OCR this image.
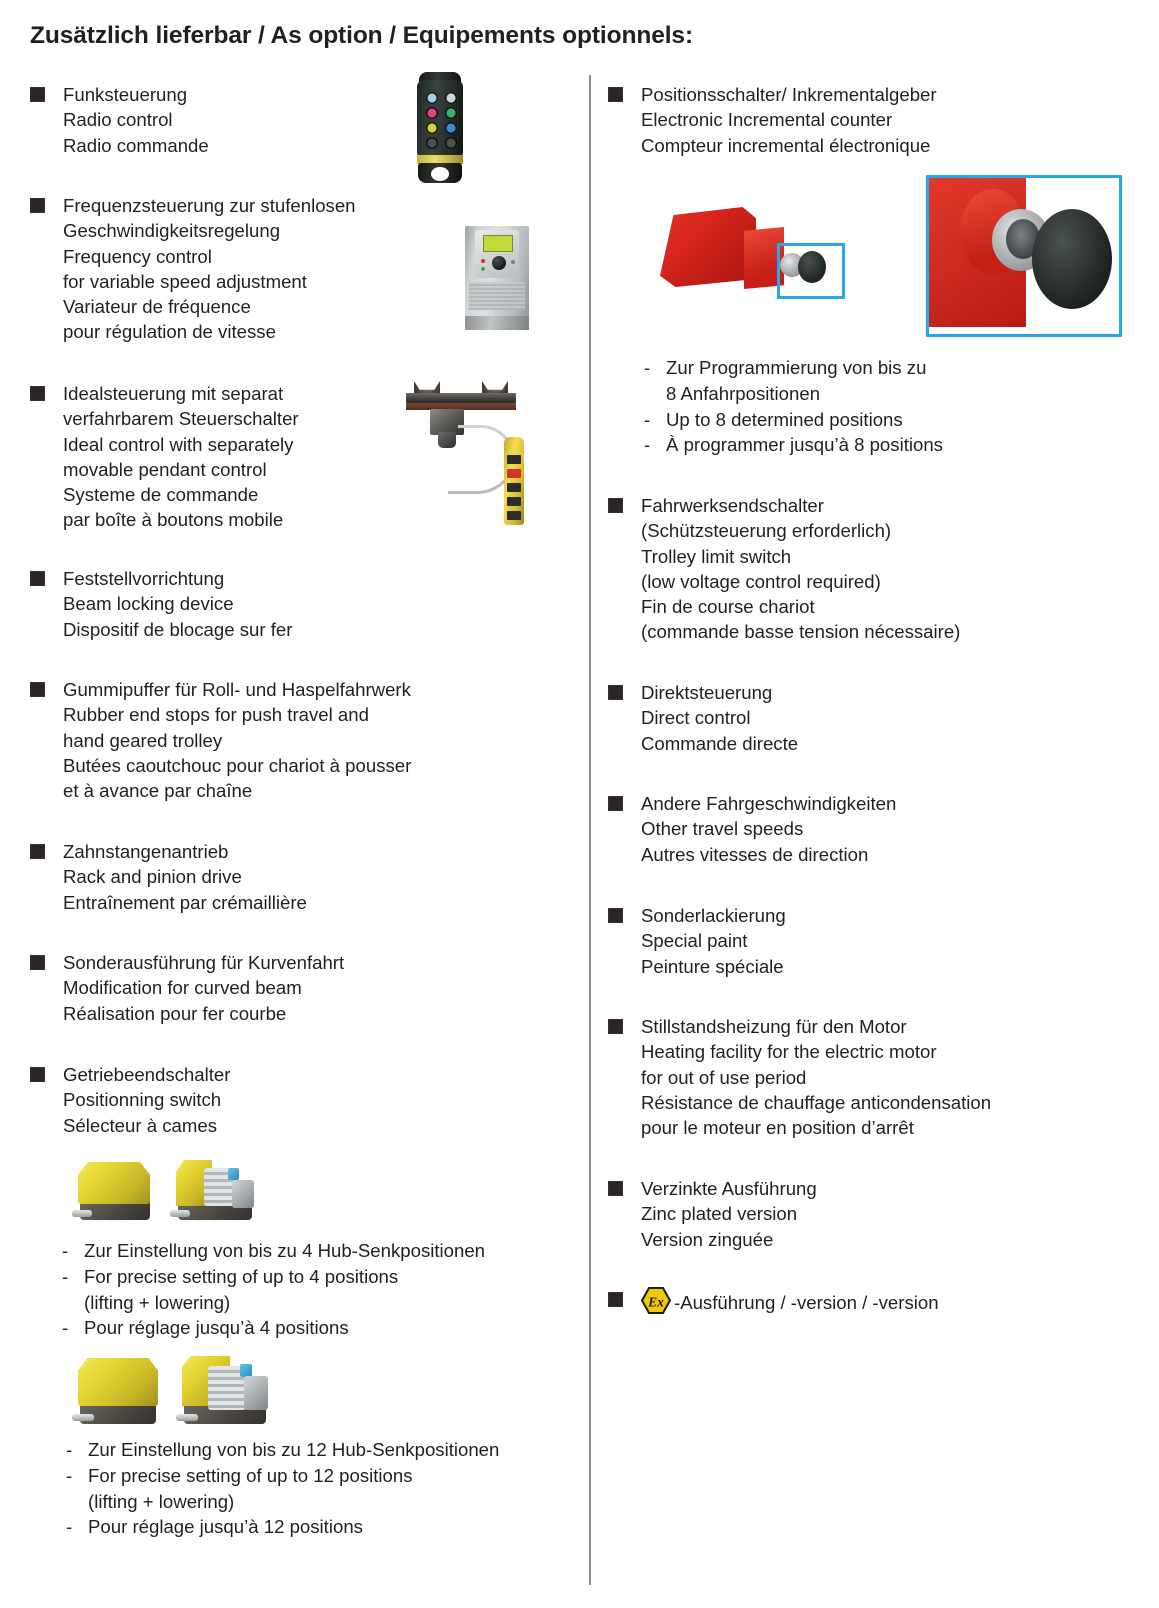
Zusätzlich lieferbar / As option / Equipements optionnels:
Funksteuerung
Radio control
Radio commande
Frequenzsteuerung zur stufenlosen
Geschwindigkeitsregelung
Frequency control
for variable speed adjustment
Variateur de fréquence
pour régulation de vitesse
Idealsteuerung mit separat
verfahrbarem Steuerschalter
Ideal control with separately
movable pendant control
Systeme de commande
par boîte à boutons mobile
Feststellvorrichtung
Beam locking device
Dispositif de blocage sur fer
Gummipuffer für Roll- und Haspelfahrwerk
Rubber end stops for push travel and
hand geared trolley
Butées caoutchouc pour chariot à pousser
et à avance par chaîne
Zahnstangenantrieb
Rack and pinion drive
Entraînement par crémaillière
Sonderausführung für Kurvenfahrt
Modification for curved beam
Réalisation pour fer courbe
Getriebeendschalter
Positionning switch
Sélecteur à cames
- Zur Einstellung von bis zu 4 Hub-Senkpositionen
- For precise setting of up to 4 positions
(lifting + lowering)
- Pour réglage jusqu’à 4 positions
- Zur Einstellung von bis zu 12 Hub-Senkpositionen
- For precise setting of up to 12 positions
(lifting + lowering)
- Pour réglage jusqu’à 12 positions
Positionsschalter/ Inkrementalgeber
Electronic Incremental counter
Compteur incremental électronique
- Zur Programmierung von bis zu
8 Anfahrpositionen
- Up to 8 determined positions
- À programmer jusqu’à 8 positions
Fahrwerksendschalter
(Schützsteuerung erforderlich)
Trolley limit switch
(low voltage control required)
Fin de course chariot
(commande basse tension nécessaire)
Direktsteuerung
Direct control
Commande directe
Andere Fahrgeschwindigkeiten
Other travel speeds
Autres vitesses de direction
Sonderlackierung
Special paint
Peinture spéciale
Stillstandsheizung für den Motor
Heating facility for the electric motor
for out of use period
Résistance de chauffage anticondensation
pour le moteur en position d’arrêt
Verzinkte Ausführung
Zinc plated version
Version zinguée
Ex -Ausführung / -version / -version
